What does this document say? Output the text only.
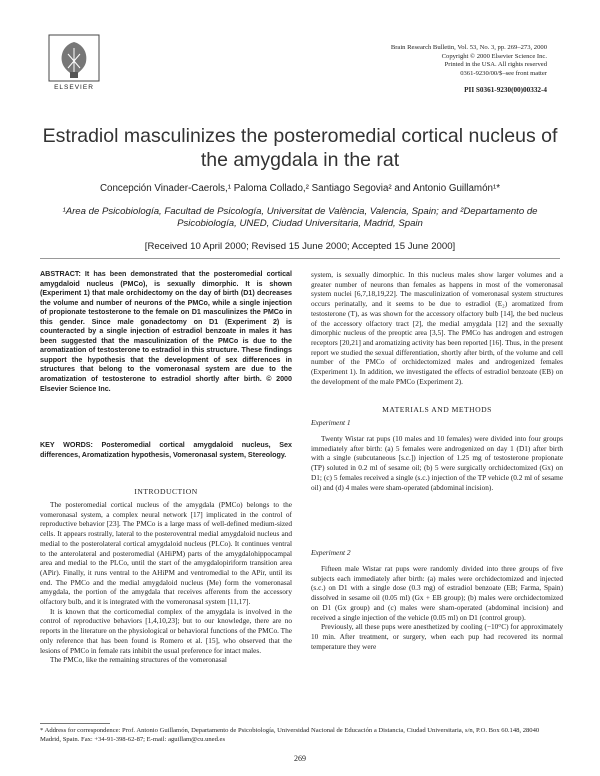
ELSEVIER
Brain Research Bulletin, Vol. 53, No. 3, pp. 269–273, 2000
Copyright © 2000 Elsevier Science Inc.
Printed in the USA. All rights reserved
0361-9230/00/$–see front matter
PII S0361-9230(00)00332-4
Estradiol masculinizes the posteromedial cortical nucleus of the amygdala in the rat
Concepción Vinader-Caerols,¹ Paloma Collado,² Santiago Segovia² and Antonio Guillamón¹*
¹Area de Psicobiología, Facultad de Psicología, Universitat de València, Valencia, Spain; and ²Departamento de Psicobiología, UNED, Ciudad Universitaria, Madrid, Spain
[Received 10 April 2000; Revised 15 June 2000; Accepted 15 June 2000]
ABSTRACT: It has been demonstrated that the posteromedial cortical amygdaloid nucleus (PMCo), is sexually dimorphic. It is shown (Experiment 1) that male orchidectomy on the day of birth (D1) decreases the volume and number of neurons of the PMCo, while a single injection of propionate testosterone to the female on D1 masculinizes the PMCo in this gender. Since male gonadectomy on D1 (Experiment 2) is counteracted by a single injection of estradiol benzoate in males it has been suggested that the masculinization of the PMCo is due to the aromatization of testosterone to estradiol in this structure. These findings support the hypothesis that the development of sex differences in structures that belong to the vomeronasal system are due to the aromatization of testosterone to estradiol shortly after birth. © 2000 Elsevier Science Inc.
KEY WORDS: Posteromedial cortical amygdaloid nucleus, Sex differences, Aromatization hypothesis, Vomeronasal system, Stereology.
INTRODUCTION

The posteromedial cortical nucleus of the amygdala (PMCo) belongs to the vomeronasal system, a complex neural network [17] implicated in the control of reproductive behavior [23]. The PMCo is a large mass of well-defined medium-sized cells. It appears rostrally, lateral to the posteroventral medial amygdaloid nucleus and medial to the posterolateral cortical amygdaloid nucleus (PLCo). It continues ventral to the anterolateral and posteromedial (AHiPM) parts of the amygdalohippocampal area and medial to the PLCo, until the start of the amygdalopiriform transition area (APir). Finally, it runs ventral to the AHiPM and ventromedial to the APir, until its end. The PMCo and the medial amygdaloid nucleus (Me) form the vomeronasal amygdala, the portion of the amygdala that receives afferents from the accessory olfactory bulb, and it is integrated with the vomeronasal system [11,17].

It is known that the corticomedial complex of the amygdala is involved in the control of reproductive behaviors [1,4,10,23]; but to our knowledge, there are no reports in the literature on the physiological or behavioral functions of the PMCo. The only reference that has been found is Romero et al. [15], who observed that the lesions of PMCo in female rats inhibit the usual preference for intact males.

The PMCo, like the remaining structures of the vomeronasal

system, is sexually dimorphic. In this nucleus males show larger volumes and a greater number of neurons than females as happens in most of the vomeronasal system nuclei [6,7,18,19,22]. The masculinization of vomeronasal system structures occurs perinatally, and it seems to be due to estradiol (E₂) aromatized from testosterone (T), as was shown for the accessory olfactory bulb [14], the bed nucleus of the accessory olfactory tract [2], the medial amygdala [12] and the sexually dimorphic nucleus of the preoptic area [3,5]. The PMCo has androgen and estrogen receptors [20,21] and aromatizing activity has been reported [16]. Thus, in the present report we studied the sexual differentiation, shortly after birth, of the volume and cell number of the PMCo of orchidectomized males and androgenized females (Experiment 1). In addition, we investigated the effects of estradiol benzoate (EB) on the development of the male PMCo (Experiment 2).

MATERIALS AND METHODS
Experiment 1

Twenty Wistar rat pups (10 males and 10 females) were divided into four groups immediately after birth: (a) 5 females were androgenized on day 1 (D1) after birth with a single (subcutaneous [s.c.]) injection of 1.25 mg of testosterone propionate (TP) soluted in 0.2 ml of sesame oil; (b) 5 were surgically orchidectomized (Gx) on D1; (c) 5 females received a single (s.c.) injection of the TP vehicle (0.2 ml of sesame oil) and (d) 4 males were sham-operated (abdominal incision).

Experiment 2

Fifteen male Wistar rat pups were randomly divided into three groups of five subjects each immediately after birth: (a) males were orchidectomized and injected (s.c.) on D1 with a single dose (0.3 mg) of estradiol benzoate (EB; Farma, Spain) dissolved in sesame oil (0.05 ml) (Gx + EB group); (b) males were orchidectomized on D1 (Gx group) and (c) males were sham-operated (abdominal incision) and received a single injection of the vehicle (0.05 ml) on D1 (control group).

Previously, all these pups were anesthetized by cooling (−10°C) for approximately 10 min. After treatment, or surgery, when each pup had recovered its normal temperature they were

* Address for correspondence: Prof. Antonio Guillamón, Departamento de Psicobiología, Universidad Nacional de Educación a Distancia, Ciudad Universitaria, s/n, P.O. Box 60.148, 28040 Madrid, Spain. Fax: +34-91-398-62-87; E-mail: aguillam@cu.uned.es
269
